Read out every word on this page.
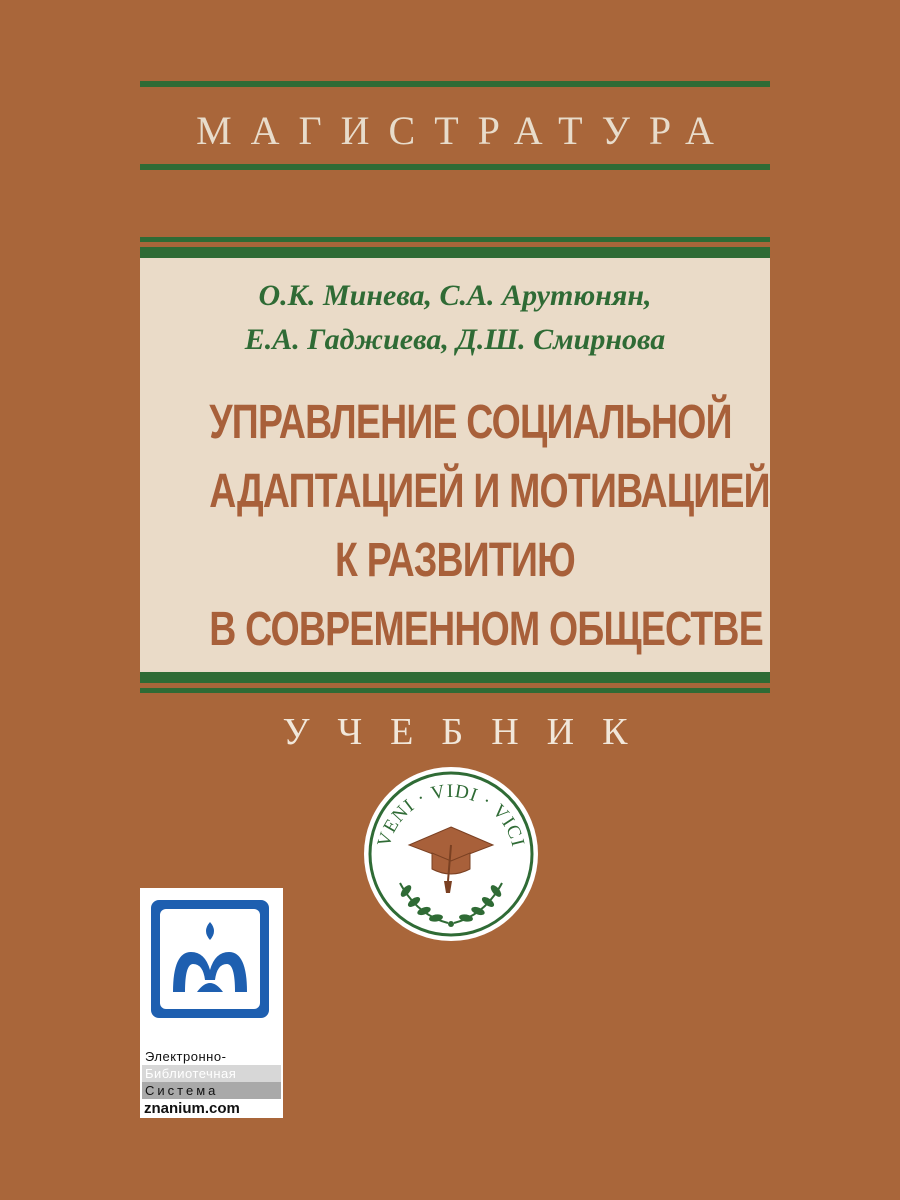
МАГИСТРАТУРА
О.К. Минева, С.А. Арутюнян,
Е.А. Гаджиева, Д.Ш. Смирнова
УПРАВЛЕНИЕ СОЦИАЛЬНОЙ
АДАПТАЦИЕЙ И МОТИВАЦИЕЙ
К РАЗВИТИЮ
В СОВРЕМЕННОМ ОБЩЕСТВЕ
УЧЕБНИК
VENI · VIDI · VICI
Электронно-
Библиотечная
Система
znanium.com
